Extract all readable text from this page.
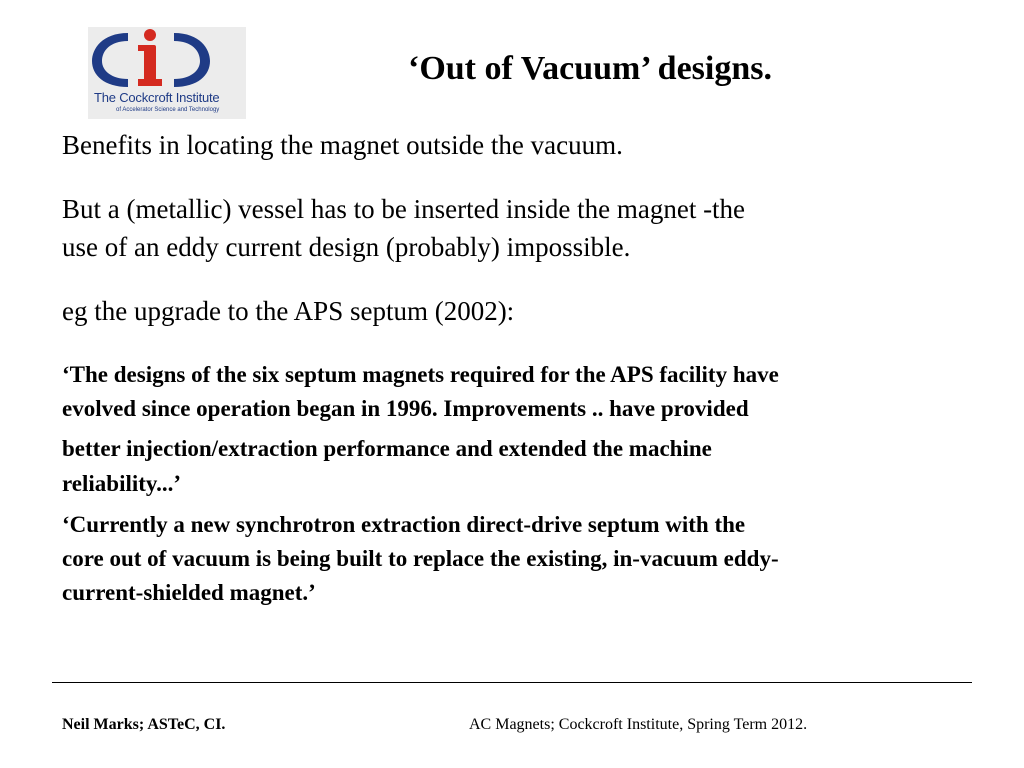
The Cockcroft Institute
of Accelerator Science and Technology
‘Out of Vacuum’ designs.

Benefits in locating the magnet outside the vacuum.

But a (metallic) vessel has to be inserted inside the magnet -the

use of an eddy current design (probably) impossible.

eg the upgrade to the APS septum (2002):

‘The designs of the six septum magnets required for the APS facility have

evolved since operation began in 1996. Improvements .. have provided

better injection/extraction performance and extended the machine

reliability...’

‘Currently a new synchrotron extraction direct-drive septum with the

core out of vacuum is being built to replace the existing, in-vacuum eddy-

current-shielded magnet.’

Neil Marks; ASTeC, CI.	AC Magnets; Cockcroft Institute, Spring Term 2012.
